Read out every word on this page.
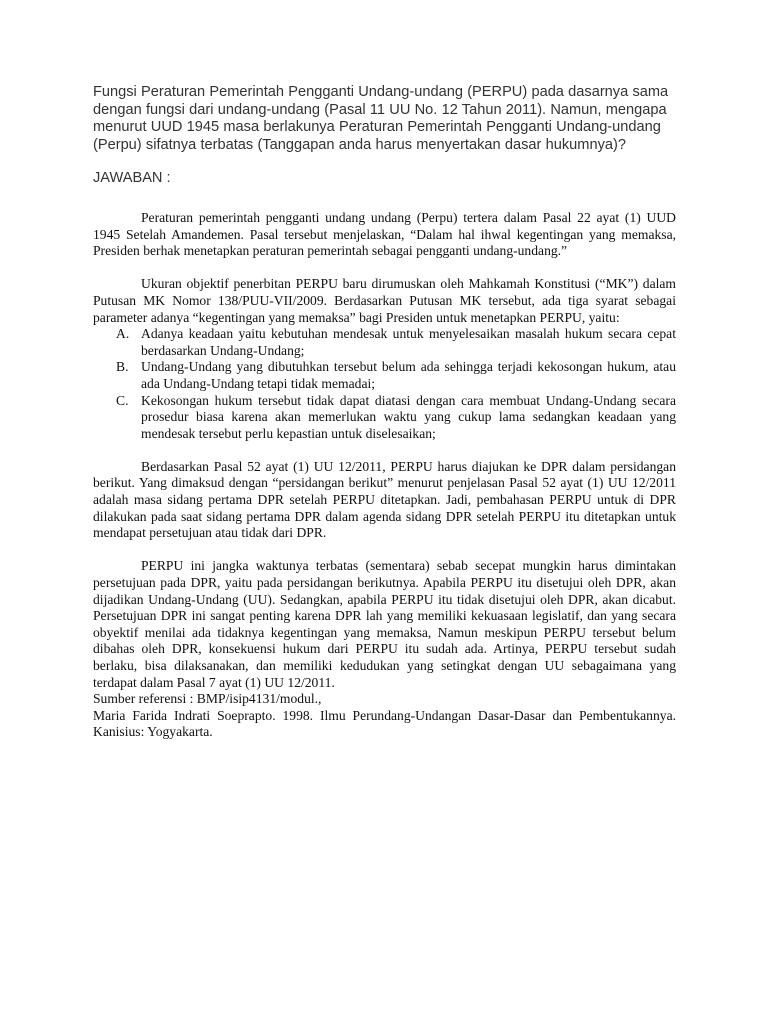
Fungsi Peraturan Pemerintah Pengganti Undang-undang (PERPU) pada dasarnya sama dengan fungsi dari undang-undang (Pasal 11 UU No. 12 Tahun 2011). Namun, mengapa menurut UUD 1945 masa berlakunya Peraturan Pemerintah Pengganti Undang-undang (Perpu) sifatnya terbatas (Tanggapan anda harus menyertakan dasar hukumnya)?

JAWABAN :

Peraturan pemerintah pengganti undang undang (Perpu) tertera dalam Pasal 22 ayat (1) UUD 1945 Setelah Amandemen. Pasal tersebut menjelaskan, “Dalam hal ihwal kegentingan yang memaksa, Presiden berhak menetapkan peraturan pemerintah sebagai pengganti undang-undang.”

Ukuran objektif penerbitan PERPU baru dirumuskan oleh Mahkamah Konstitusi (“MK”) dalam Putusan MK Nomor 138/PUU-VII/2009. Berdasarkan Putusan MK tersebut, ada tiga syarat sebagai parameter adanya “kegentingan yang memaksa” bagi Presiden untuk menetapkan PERPU, yaitu:

A. Adanya keadaan yaitu kebutuhan mendesak untuk menyelesaikan masalah hukum secara cepat berdasarkan Undang-Undang;
B. Undang-Undang yang dibutuhkan tersebut belum ada sehingga terjadi kekosongan hukum, atau ada Undang-Undang tetapi tidak memadai;
C. Kekosongan hukum tersebut tidak dapat diatasi dengan cara membuat Undang-Undang secara prosedur biasa karena akan memerlukan waktu yang cukup lama sedangkan keadaan yang mendesak tersebut perlu kepastian untuk diselesaikan;

Berdasarkan Pasal 52 ayat (1) UU 12/2011, PERPU harus diajukan ke DPR dalam persidangan berikut. Yang dimaksud dengan “persidangan berikut” menurut penjelasan Pasal 52 ayat (1) UU 12/2011 adalah masa sidang pertama DPR setelah PERPU ditetapkan. Jadi, pembahasan PERPU untuk di DPR dilakukan pada saat sidang pertama DPR dalam agenda sidang DPR setelah PERPU itu ditetapkan untuk mendapat persetujuan atau tidak dari DPR.

PERPU ini jangka waktunya terbatas (sementara) sebab secepat mungkin harus dimintakan persetujuan pada DPR, yaitu pada persidangan berikutnya. Apabila PERPU itu disetujui oleh DPR, akan dijadikan Undang-Undang (UU). Sedangkan, apabila PERPU itu tidak disetujui oleh DPR, akan dicabut. Persetujuan DPR ini sangat penting karena DPR lah yang memiliki kekuasaan legislatif, dan yang secara obyektif menilai ada tidaknya kegentingan yang memaksa, Namun meskipun PERPU tersebut belum dibahas oleh DPR, konsekuensi hukum dari PERPU itu sudah ada. Artinya, PERPU tersebut sudah berlaku, bisa dilaksanakan, dan memiliki kedudukan yang setingkat dengan UU sebagaimana yang terdapat dalam Pasal 7 ayat (1) UU 12/2011.

Sumber referensi : BMP/isip4131/modul.,

Maria Farida Indrati Soeprapto. 1998. Ilmu Perundang-Undangan Dasar-Dasar dan Pembentukannya. Kanisius: Yogyakarta.
